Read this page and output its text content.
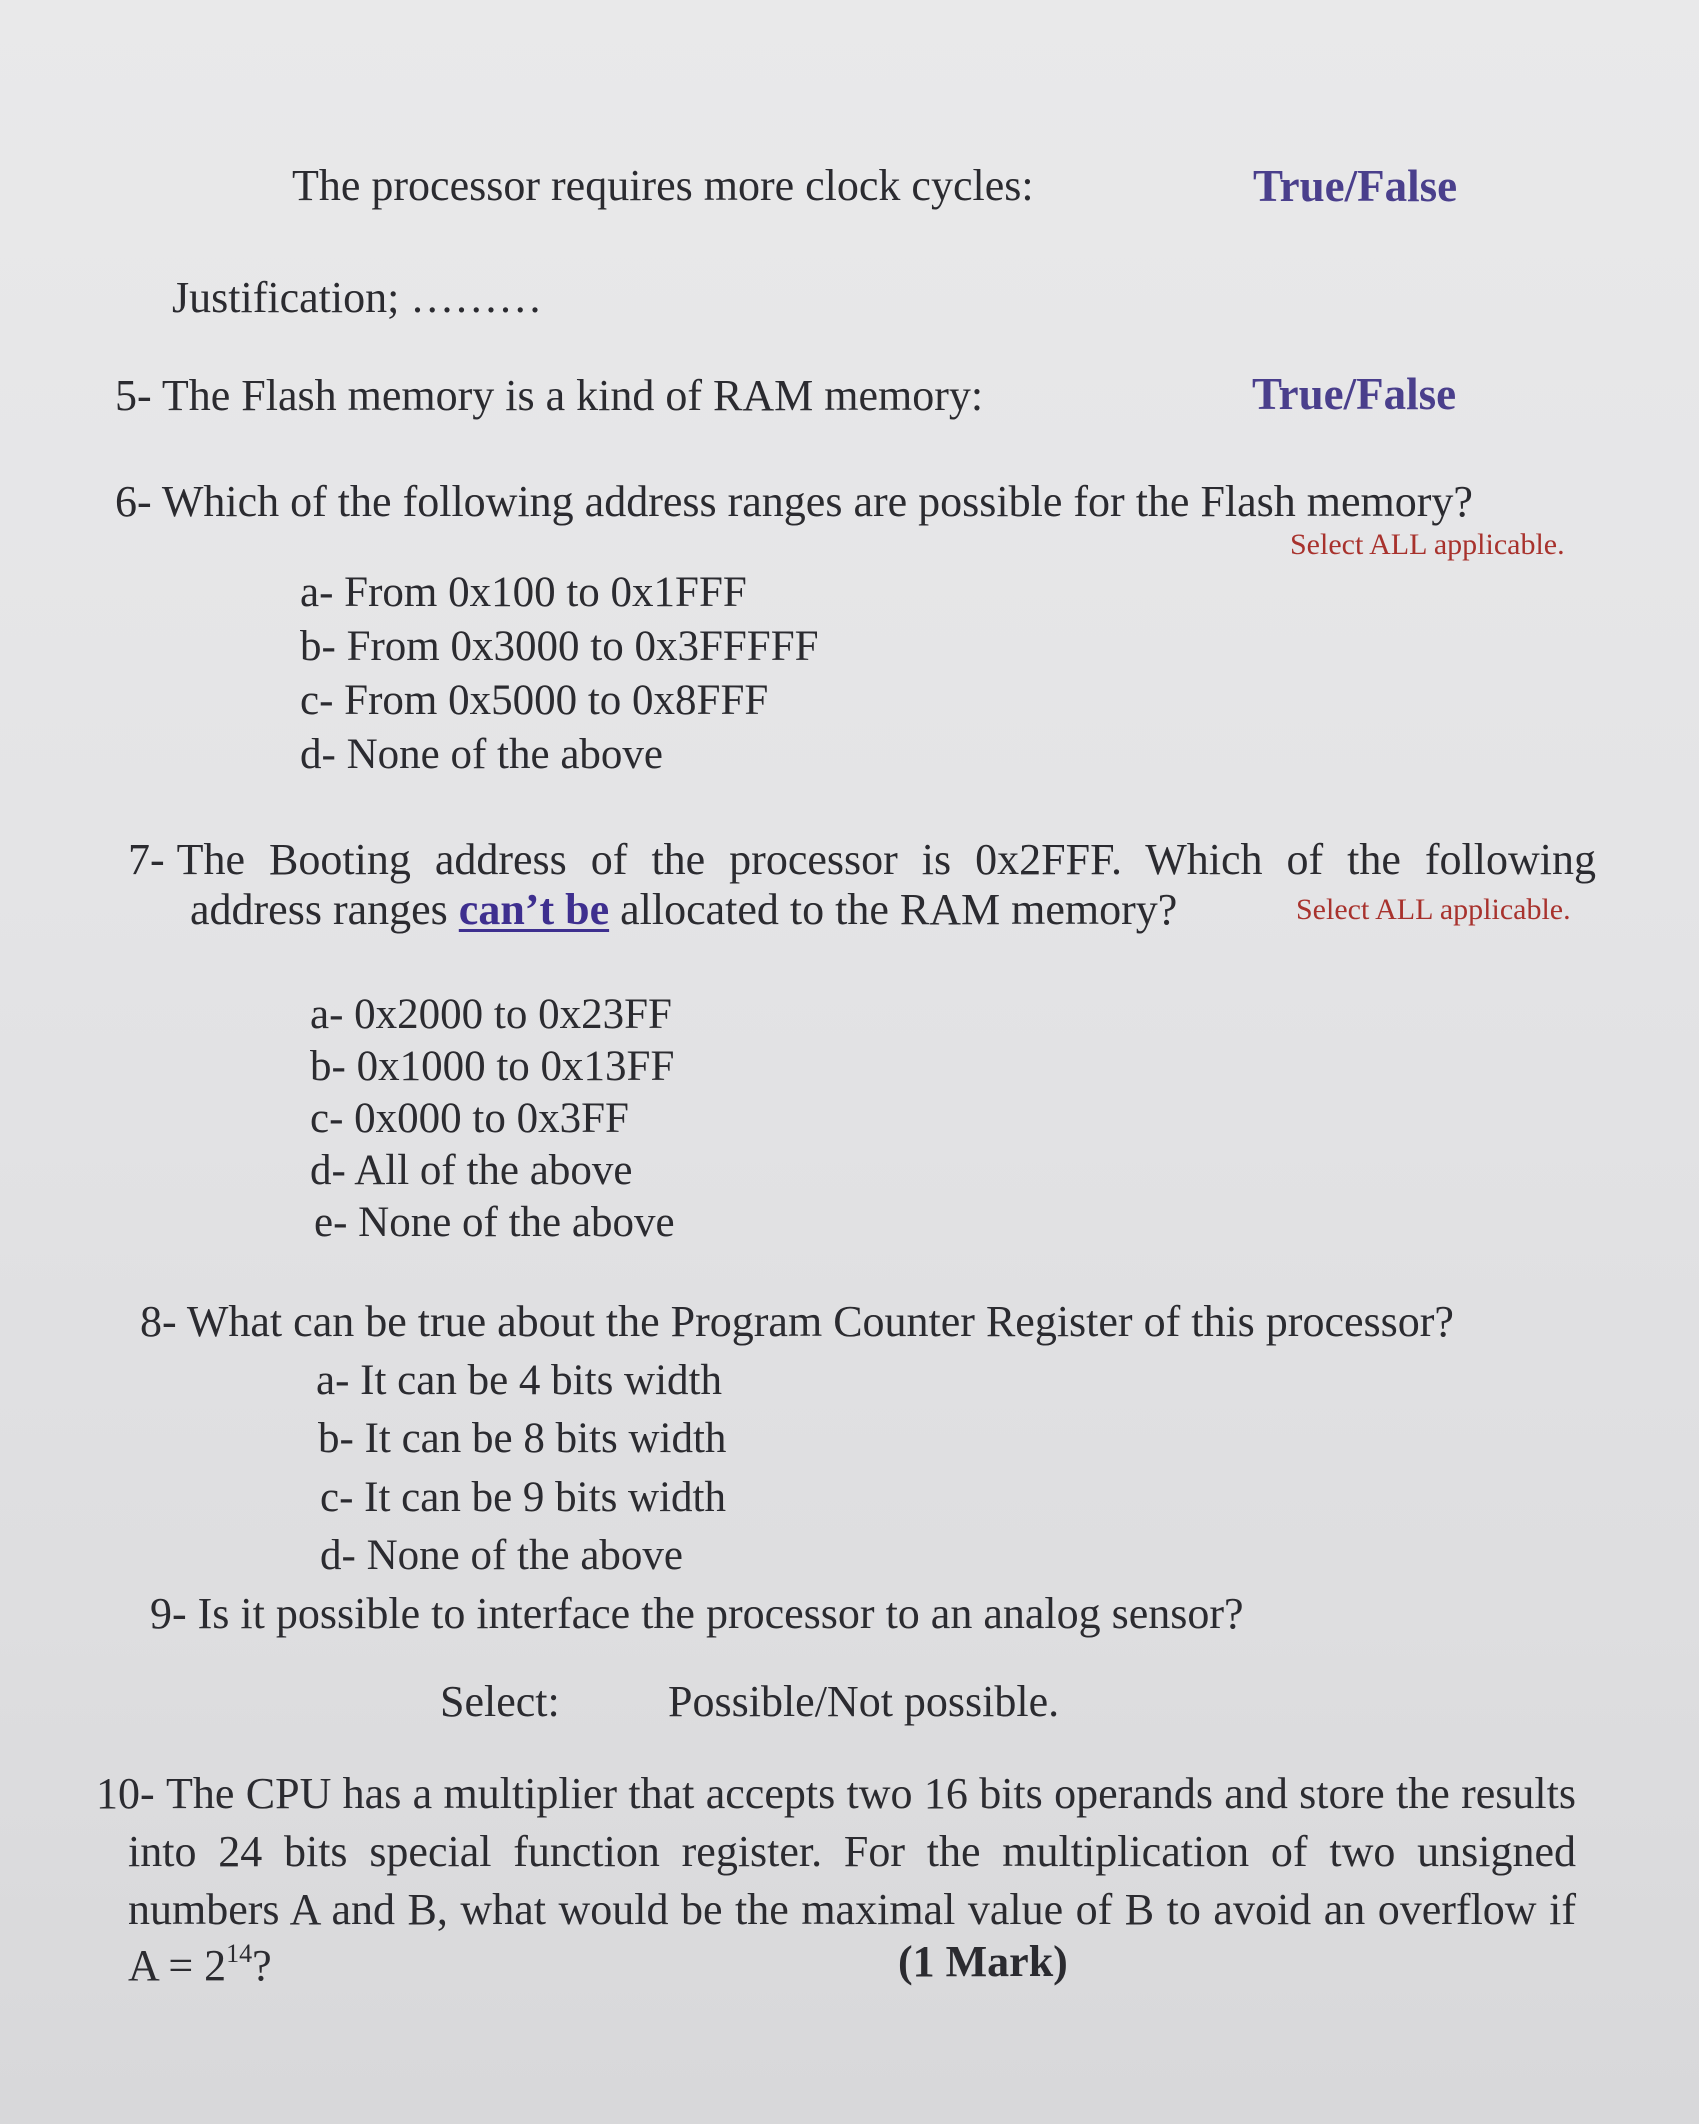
The processor requires more clock cycles:	True/False
Justification; ………
5- The Flash memory is a kind of RAM memory:	True/False
6- Which of the following address ranges are possible for the Flash memory?
Select ALL applicable.
a- From 0x100 to 0x1FFF
b- From 0x3000 to 0x3FFFFF
c- From 0x5000 to 0x8FFF
d- None of the above
7- The Booting address of the processor is 0x2FFF. Which of the following
address ranges can’t be allocated to the RAM memory?	Select ALL applicable.
a- 0x2000 to 0x23FF
b- 0x1000 to 0x13FF
c- 0x000 to 0x3FF
d- All of the above
e- None of the above
8- What can be true about the Program Counter Register of this processor?
a- It can be 4 bits width
b- It can be 8 bits width
c- It can be 9 bits width
d- None of the above
9- Is it possible to interface the processor to an analog sensor?
Select: Possible/Not possible.
10- The CPU has a multiplier that accepts two 16 bits operands and store the results
into 24 bits special function register. For the multiplication of two unsigned
numbers A and B, what would be the maximal value of B to avoid an overflow if
$A = 2^{14}$?	(1 Mark)
